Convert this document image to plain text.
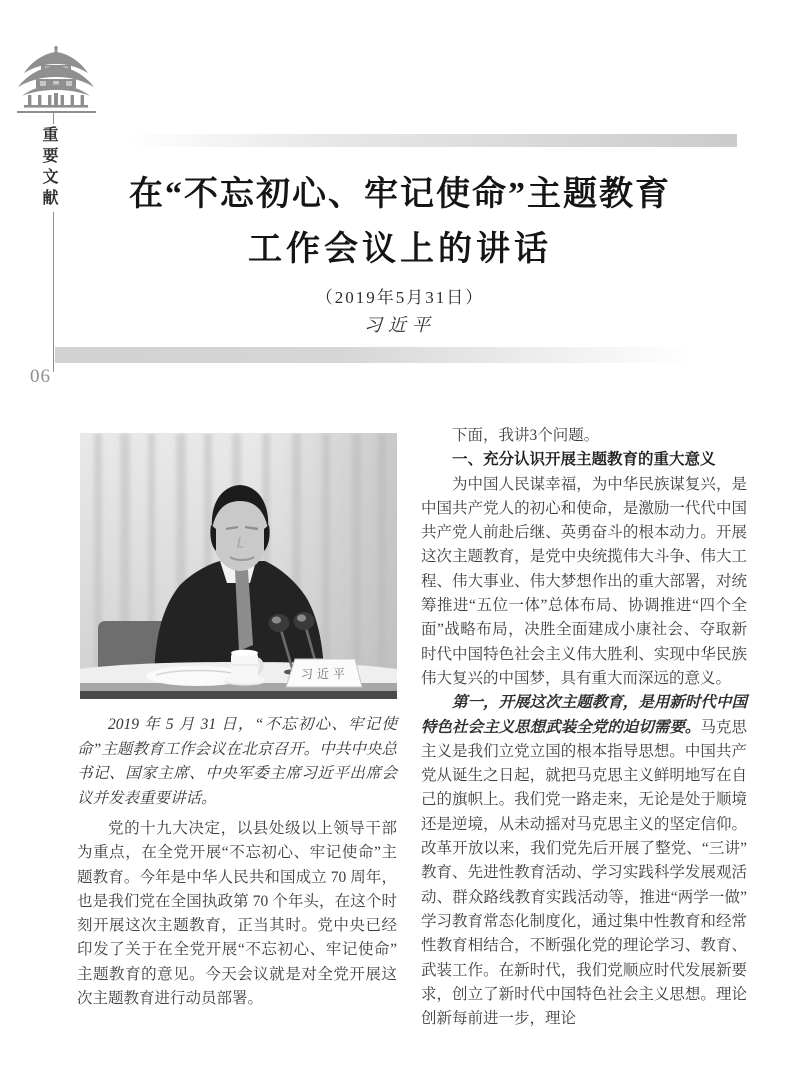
重要文献
06
在“不忘初心、牢记使命”主题教育
工作会议上的讲话
（2019年5月31日）
习近平
习近平

2019 年 5 月 31 日，“不忘初心、牢记使命”主题教育工作会议在北京召开。中共中央总书记、国家主席、中央军委主席习近平出席会议并发表重要讲话。

党的十九大决定，以县处级以上领导干部为重点，在全党开展“不忘初心、牢记使命”主题教育。今年是中华人民共和国成立 70 周年，也是我们党在全国执政第 70 个年头，在这个时刻开展这次主题教育，正当其时。党中央已经印发了关于在全党开展“不忘初心、牢记使命”主题教育的意见。今天会议就是对全党开展这次主题教育进行动员部署。

下面，我讲3个问题。

一、充分认识开展主题教育的重大意义

为中国人民谋幸福，为中华民族谋复兴，是中国共产党人的初心和使命，是激励一代代中国共产党人前赴后继、英勇奋斗的根本动力。开展这次主题教育，是党中央统揽伟大斗争、伟大工程、伟大事业、伟大梦想作出的重大部署，对统筹推进“五位一体”总体布局、协调推进“四个全面”战略布局，决胜全面建成小康社会、夺取新时代中国特色社会主义伟大胜利、实现中华民族伟大复兴的中国梦，具有重大而深远的意义。

第一，开展这次主题教育，是用新时代中国特色社会主义思想武装全党的迫切需要。马克思主义是我们立党立国的根本指导思想。中国共产党从诞生之日起，就把马克思主义鲜明地写在自己的旗帜上。我们党一路走来，无论是处于顺境还是逆境，从未动摇对马克思主义的坚定信仰。改革开放以来，我们党先后开展了整党、“三讲”教育、先进性教育活动、学习实践科学发展观活动、群众路线教育实践活动等，推进“两学一做”学习教育常态化制度化，通过集中性教育和经常性教育相结合，不断强化党的理论学习、教育、武装工作。在新时代，我们党顺应时代发展新要求，创立了新时代中国特色社会主义思想。理论创新每前进一步，理论
